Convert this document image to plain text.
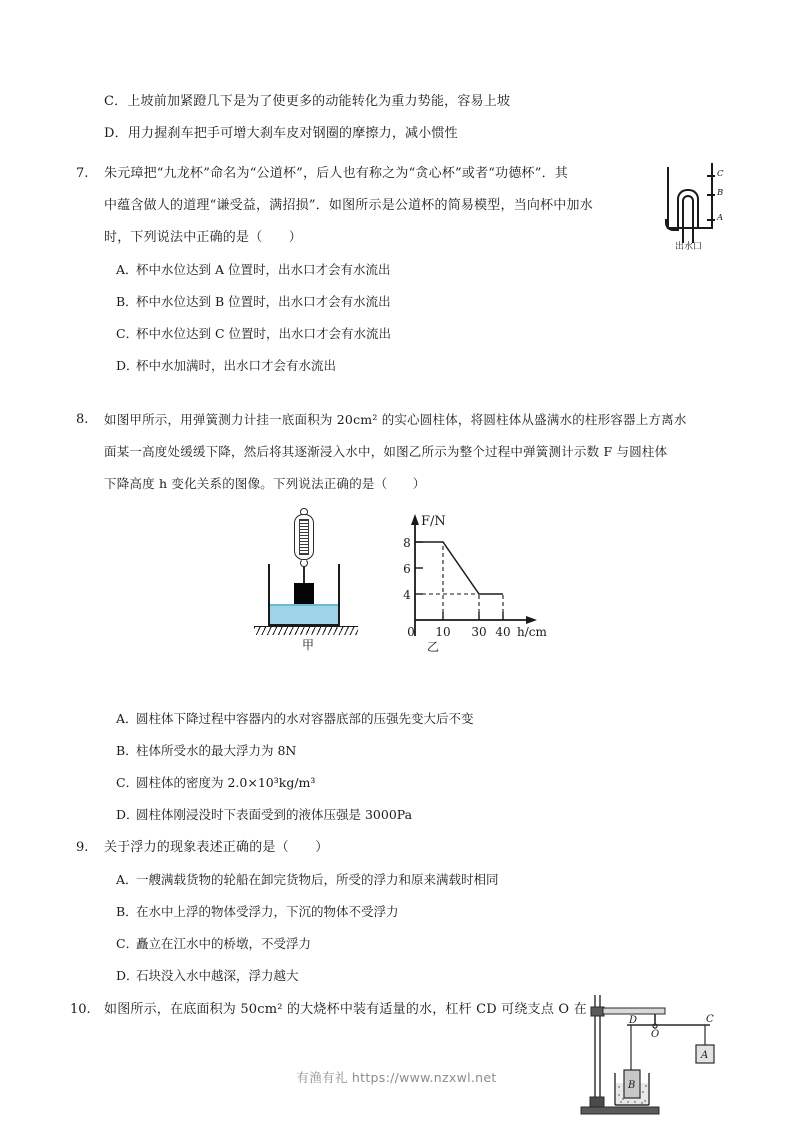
C．上坡前加紧蹬几下是为了使更多的动能转化为重力势能，容易上坡
D．用力握刹车把手可增大刹车皮对钢圈的摩擦力，减小惯性
7. 朱元璋把“九龙杯”命名为“公道杯”，后人也有称之为“贪心杯”或者“功德杯”．其
中蕴含做人的道理“谦受益，满招损”．如图所示是公道杯的简易模型，当向杯中加水
时，下列说法中正确的是（　　）
A．杯中水位达到 A 位置时，出水口才会有水流出
B．杯中水位达到 B 位置时，出水口才会有水流出
C．杯中水位达到 C 位置时，出水口才会有水流出
D．杯中水加满时，出水口才会有水流出
C
B
A
出水口
8. 如图甲所示，用弹簧测力计挂一底面积为 20cm² 的实心圆柱体，将圆柱体从盛满水的柱形容器上方离水
面某一高度处缓缓下降，然后将其逐渐浸入水中，如图乙所示为整个过程中弹簧测计示数 F 与圆柱体
下降高度 h 变化关系的图像。下列说法正确的是（　　）
甲
8
6
4
0 10 30 40
F/N
h/cm
乙
A．圆柱体下降过程中容器内的水对容器底部的压强先变大后不变
B．柱体所受水的最大浮力为 8N
C．圆柱体的密度为 2.0×10³kg/m³
D．圆柱体刚浸没时下表面受到的液体压强是 3000Pa
9. 关于浮力的现象表述正确的是（　　）
A．一艘满载货物的轮船在卸完货物后，所受的浮力和原来满载时相同
B．在水中上浮的物体受浮力，下沉的物体不受浮力
C．矗立在江水中的桥墩，不受浮力
D．石块没入水中越深，浮力越大
10. 如图所示，在底面积为 50cm² 的大烧杯中装有适量的水，杠杆 CD 可绕支点 O 在
D
O
C
A
B
有渔有礼 https://www.nzxwl.net
